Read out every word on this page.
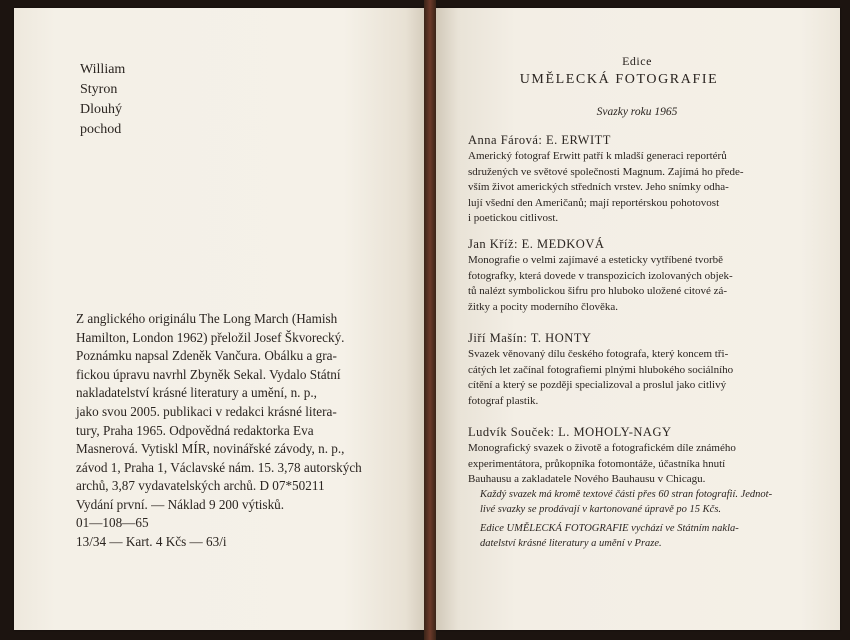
William
Styron
Dlouhý
pochod
Z anglického originálu The Long March (Hamish
Hamilton, London 1962) přeložil Josef Škvorecký.
Poznámku napsal Zdeněk Vančura. Obálku a gra-
fickou úpravu navrhl Zbyněk Sekal. Vydalo Státní
nakladatelství krásné literatury a umění, n. p.,
jako svou 2005. publikaci v redakci krásné litera-
tury, Praha 1965. Odpovědná redaktorka Eva
Masnerová. Vytiskl MÍR, novinářské závody, n. p.,
závod 1, Praha 1, Václavské nám. 15. 3,78 autorských
archů, 3,87 vydavatelských archů. D 07*50211
Vydání první. — Náklad 9 200 výtisků.
01—108—65
13/34 — Kart. 4 Kčs — 63/i
Edice
UMĚLECKÁ FOTOGRAFIE
Svazky roku 1965
Anna Fárová: E. ERWITT
Americký fotograf Erwitt patří k mladší generaci reportérů
sdružených ve světové společnosti Magnum. Zajímá ho přede-
vším život amerických středních vrstev. Jeho snímky odha-
lují všední den Američanů; mají reportérskou pohotovost
i poetickou citlivost.
Jan Kříž: E. MEDKOVÁ
Monografie o velmi zajímavé a esteticky vytříbené tvorbě
fotografky, která dovede v transpozicích izolovaných objek-
tů nalézt symbolickou šifru pro hluboko uložené citové zá-
žitky a pocity moderního člověka.
Jiří Mašín: T. HONTY
Svazek věnovaný dílu českého fotografa, který koncem tři-
cátých let začínal fotografiemi plnými hlubokého sociálního
cítění a který se později specializoval a proslul jako citlivý
fotograf plastik.
Ludvík Souček: L. MOHOLY-NAGY
Monografický svazek o životě a fotografickém díle známého
experimentátora, průkopníka fotomontáže, účastníka hnutí
Bauhausu a zakladatele Nového Bauhausu v Chicagu.
Každý svazek má kromě textové části přes 60 stran fotografií. Jednot-
livé svazky se prodávají v kartonované úpravě po 15 Kčs.
Edice UMĚLECKÁ FOTOGRAFIE vychází ve Státním nakla-
datelství krásné literatury a umění v Praze.
